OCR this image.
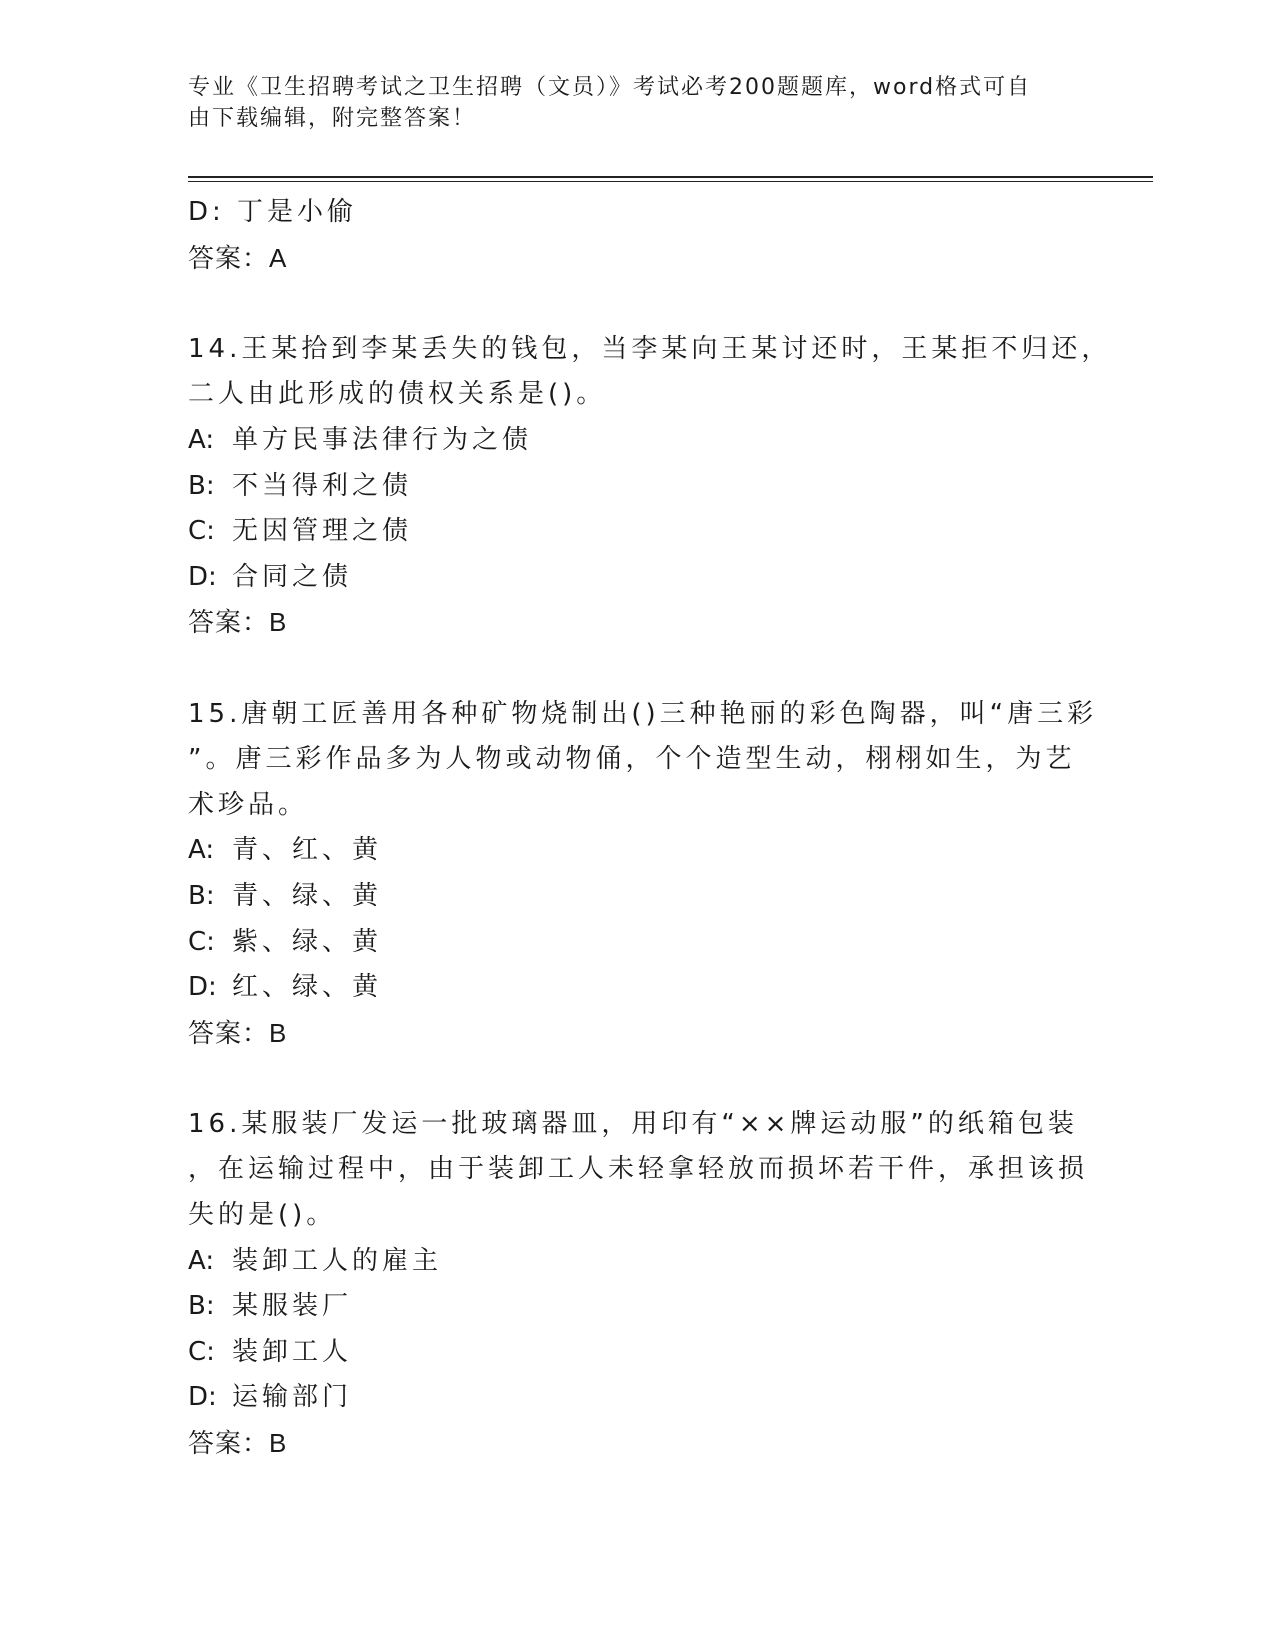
专业《卫生招聘考试之卫生招聘（文员）》考试必考200题题库，word格式可自
由下载编辑，附完整答案！
D: 丁是小偷
答案：A
14.王某拾到李某丢失的钱包，当李某向王某讨还时，王某拒不归还，
二人由此形成的债权关系是()。
A: 单方民事法律行为之债
B: 不当得利之债
C: 无因管理之债
D: 合同之债
答案：B
15.唐朝工匠善用各种矿物烧制出()三种艳丽的彩色陶器，叫“唐三彩
”。唐三彩作品多为人物或动物俑，个个造型生动，栩栩如生，为艺
术珍品。
A: 青、红、黄
B: 青、绿、黄
C: 紫、绿、黄
D: 红、绿、黄
答案：B
16.某服装厂发运一批玻璃器皿，用印有“××牌运动服”的纸箱包装
，在运输过程中，由于装卸工人未轻拿轻放而损坏若干件，承担该损
失的是()。
A: 装卸工人的雇主
B: 某服装厂
C: 装卸工人
D: 运输部门
答案：B
